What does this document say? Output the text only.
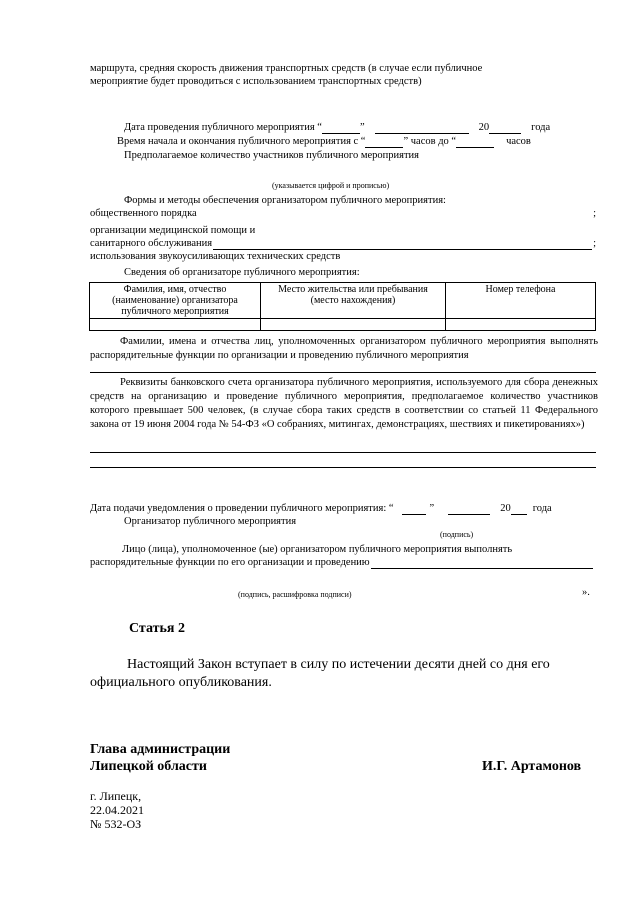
маршрута, средняя скорость движения транспортных средств (в случае если публичное
мероприятие будет проводиться с использованием транспортных средств)
Дата проведения публичного мероприятия “	”	20	года
Время начала и окончания публичного мероприятия с “	” часов до “	часов
Предполагаемое количество участников публичного мероприятия
(указывается цифрой и прописью)
Формы и методы обеспечения организатором публичного мероприятия:
общественного порядка	;
организации медицинской помощи и
санитарного обслуживания	;
использования звукоусиливающих технических средств
Сведения об организаторе публичного мероприятия:
Фамилия, имя, отчество (наименование) организатора публичного мероприятия	Место жительства или пребывания (место нахождения)	Номер телефона

Фамилии, имена и отчества лиц, уполномоченных организатором публичного мероприятия выполнять распорядительные функции по организации и проведению публичного мероприятия
Реквизиты банковского счета организатора публичного мероприятия, используемого для сбора денежных средств на организацию и проведение публичного мероприятия, предполагаемое количество участников которого превышает 500 человек, (в случае сбора таких средств в соответствии со статьей 11 Федерального закона от 19 июня 2004 года № 54-ФЗ «О собраниях, митингах, демонстрациях, шествиях и пикетированиях»)
Дата подачи уведомления о проведении публичного мероприятия: “	”	20 года
Организатор публичного мероприятия
(подпись)
Лицо (лица), уполномоченное (ые) организатором публичного мероприятия выполнять
распорядительные функции по его организации и проведению
(подпись, расшифровка подписи)	».
Статья 2
Настоящий Закон вступает в силу по истечении десяти дней со дня его
официального опубликования.
Глава администрации
Липецкой области	И.Г. Артамонов
г. Липецк,
22.04.2021
№ 532-ОЗ
